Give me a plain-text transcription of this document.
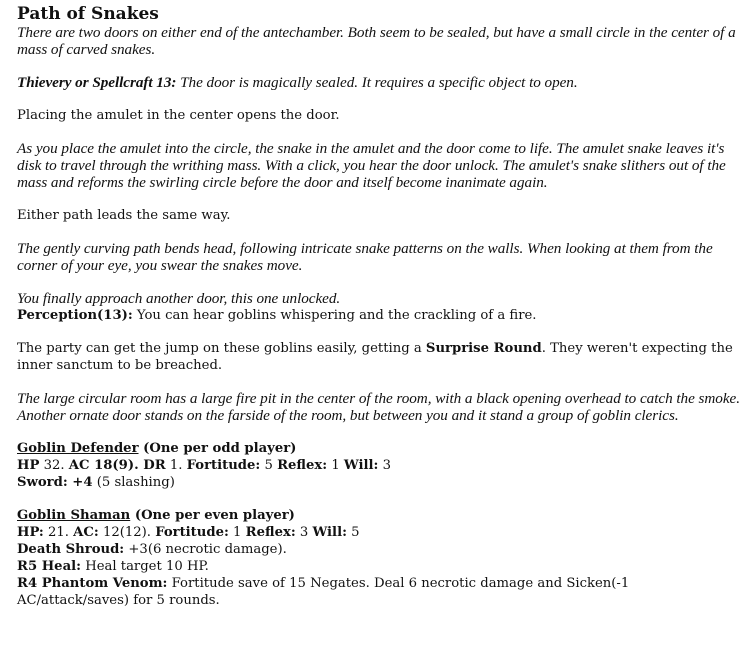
Path of Snakes

There are two doors on either end of the antechamber. Both seem to be sealed, but have a small circle in the center of a mass of carved snakes.

Thievery or Spellcraft 13: The door is magically sealed. It requires a specific object to open.

Placing the amulet in the center opens the door.

As you place the amulet into the circle, the snake in the amulet and the door come to life. The amulet snake leaves it's disk to travel through the writhing mass. With a click, you hear the door unlock. The amulet's snake slithers out of the mass and reforms the swirling circle before the door and itself become inanimate again.

Either path leads the same way.

The gently curving path bends head, following intricate snake patterns on the walls. When looking at them from the corner of your eye, you swear the snakes move.

You finally approach another door, this one unlocked.

Perception(13): You can hear goblins whispering and the crackling of a fire.

The party can get the jump on these goblins easily, getting a Surprise Round. They weren't expecting the inner sanctum to be breached.

The large circular room has a large fire pit in the center of the room, with a black opening overhead to catch the smoke. Another ornate door stands on the farside of the room, but between you and it stand a group of goblin clerics.

Goblin Defender (One per odd player)

HP 32. AC 18(9). DR 1. Fortitude: 5 Reflex: 1 Will: 3

Sword: +4 (5 slashing)

Goblin Shaman (One per even player)

HP: 21. AC: 12(12). Fortitude: 1 Reflex: 3 Will: 5

Death Shroud: +3(6 necrotic damage).

R5 Heal: Heal target 10 HP.

R4 Phantom Venom: Fortitude save of 15 Negates. Deal 6 necrotic damage and Sicken(-1 AC/attack/saves) for 5 rounds.
